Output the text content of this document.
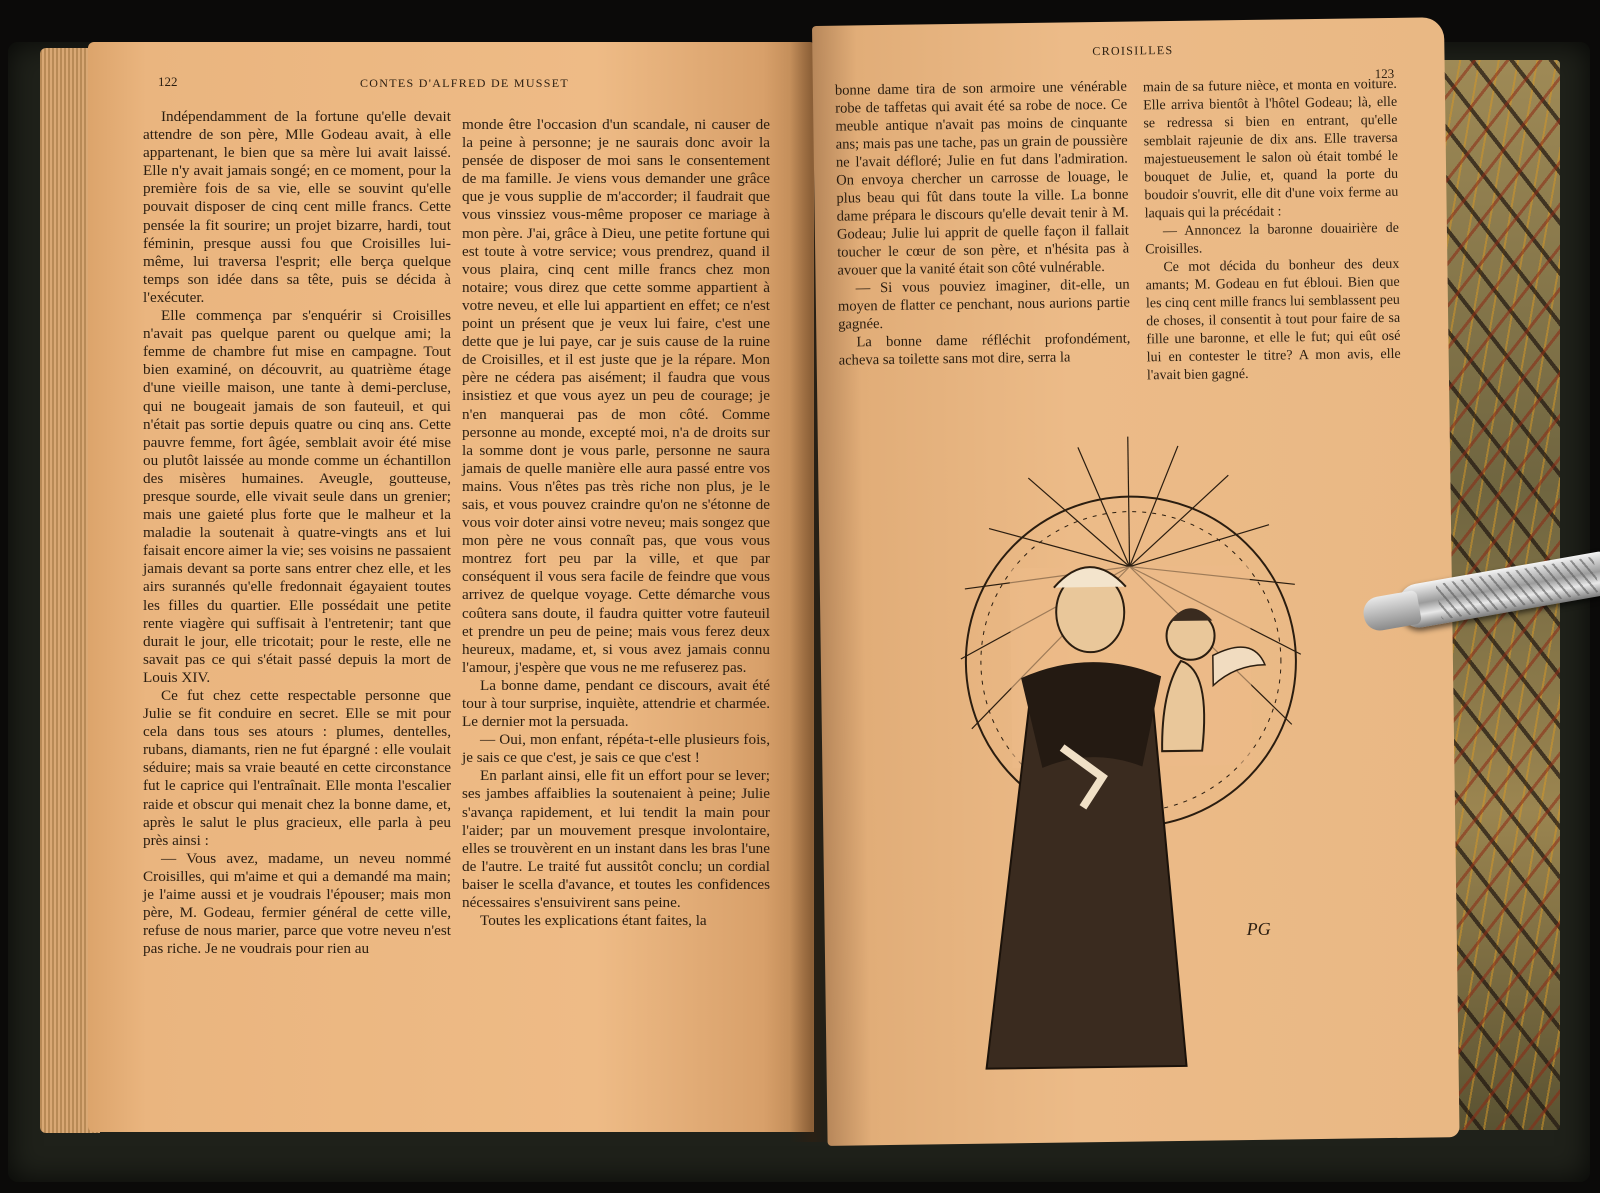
122	CONTES D'ALFRED DE MUSSET

Indépendamment de la fortune qu'elle devait attendre de son père, Mlle Godeau avait, à elle appartenant, le bien que sa mère lui avait laissé. Elle n'y avait jamais songé; en ce moment, pour la première fois de sa vie, elle se souvint qu'elle pouvait disposer de cinq cent mille francs. Cette pensée la fit sourire; un projet bizarre, hardi, tout féminin, presque aussi fou que Croisilles lui-même, lui traversa l'esprit; elle berça quelque temps son idée dans sa tête, puis se décida à l'exécuter.

Elle commença par s'enquérir si Croisilles n'avait pas quelque parent ou quelque ami; la femme de chambre fut mise en campagne. Tout bien examiné, on découvrit, au quatrième étage d'une vieille maison, une tante à demi-percluse, qui ne bougeait jamais de son fauteuil, et qui n'était pas sortie depuis quatre ou cinq ans. Cette pauvre femme, fort âgée, semblait avoir été mise ou plutôt laissée au monde comme un échantillon des misères humaines. Aveugle, goutteuse, presque sourde, elle vivait seule dans un grenier; mais une gaieté plus forte que le malheur et la maladie la soutenait à quatre-vingts ans et lui faisait encore aimer la vie; ses voisins ne passaient jamais devant sa porte sans entrer chez elle, et les airs surannés qu'elle fredonnait égayaient toutes les filles du quartier. Elle possédait une petite rente viagère qui suffisait à l'entretenir; tant que durait le jour, elle tricotait; pour le reste, elle ne savait pas ce qui s'était passé depuis la mort de Louis XIV.

Ce fut chez cette respectable personne que Julie se fit conduire en secret. Elle se mit pour cela dans tous ses atours : plumes, dentelles, rubans, diamants, rien ne fut épargné : elle voulait séduire; mais sa vraie beauté en cette circonstance fut le caprice qui l'entraînait. Elle monta l'escalier raide et obscur qui menait chez la bonne dame, et, après le salut le plus gracieux, elle parla à peu près ainsi :

— Vous avez, madame, un neveu nommé Croisilles, qui m'aime et qui a demandé ma main; je l'aime aussi et je voudrais l'épouser; mais mon père, M. Godeau, fermier général de cette ville, refuse de nous marier, parce que votre neveu n'est pas riche. Je ne voudrais pour rien au

monde être l'occasion d'un scandale, ni causer de la peine à personne; je ne saurais donc avoir la pensée de disposer de moi sans le consentement de ma famille. Je viens vous demander une grâce que je vous supplie de m'accorder; il faudrait que vous vinssiez vous-même proposer ce mariage à mon père. J'ai, grâce à Dieu, une petite fortune qui est toute à votre service; vous prendrez, quand il vous plaira, cinq cent mille francs chez mon notaire; vous direz que cette somme appartient à votre neveu, et elle lui appartient en effet; ce n'est point un présent que je veux lui faire, c'est une dette que je lui paye, car je suis cause de la ruine de Croisilles, et il est juste que je la répare. Mon père ne cédera pas aisément; il faudra que vous insistiez et que vous ayez un peu de courage; je n'en manquerai pas de mon côté. Comme personne au monde, excepté moi, n'a de droits sur la somme dont je vous parle, personne ne saura jamais de quelle manière elle aura passé entre vos mains. Vous n'êtes pas très riche non plus, je le sais, et vous pouvez craindre qu'on ne s'étonne de vous voir doter ainsi votre neveu; mais songez que mon père ne vous connaît pas, que vous vous montrez fort peu par la ville, et que par conséquent il vous sera facile de feindre que vous arrivez de quelque voyage. Cette démarche vous coûtera sans doute, il faudra quitter votre fauteuil et prendre un peu de peine; mais vous ferez deux heureux, madame, et, si vous avez jamais connu l'amour, j'espère que vous ne me refuserez pas.

La bonne dame, pendant ce discours, avait été tour à tour surprise, inquiète, attendrie et charmée. Le dernier mot la persuada.

— Oui, mon enfant, répéta-t-elle plusieurs fois, je sais ce que c'est, je sais ce que c'est !

En parlant ainsi, elle fit un effort pour se lever; ses jambes affaiblies la soutenaient à peine; Julie s'avança rapidement, et lui tendit la main pour l'aider; par un mouvement presque involontaire, elles se trouvèrent en un instant dans les bras l'une de l'autre. Le traité fut aussitôt conclu; un cordial baiser le scella d'avance, et toutes les confidences nécessaires s'ensuivirent sans peine.

Toutes les explications étant faites, la

CROISILLES
123

bonne dame tira de son armoire une vénérable robe de taffetas qui avait été sa robe de noce. Ce meuble antique n'avait pas moins de cinquante ans; mais pas une tache, pas un grain de poussière ne l'avait défloré; Julie en fut dans l'admiration. On envoya chercher un carrosse de louage, le plus beau qui fût dans toute la ville. La bonne dame prépara le discours qu'elle devait tenir à M. Godeau; Julie lui apprit de quelle façon il fallait toucher le cœur de son père, et n'hésita pas à avouer que la vanité était son côté vulnérable.

— Si vous pouviez imaginer, dit-elle, un moyen de flatter ce penchant, nous aurions partie gagnée.

La bonne dame réfléchit profondément, acheva sa toilette sans mot dire, serra la

main de sa future nièce, et monta en voiture. Elle arriva bientôt à l'hôtel Godeau; là, elle se redressa si bien en entrant, qu'elle semblait rajeunie de dix ans. Elle traversa majestueusement le salon où était tombé le bouquet de Julie, et, quand la porte du boudoir s'ouvrit, elle dit d'une voix ferme au laquais qui la précédait :

— Annoncez la baronne douairière de Croisilles.

Ce mot décida du bonheur des deux amants; M. Godeau en fut ébloui. Bien que les cinq cent mille francs lui semblassent peu de choses, il consentit à tout pour faire de sa fille une baronne, et elle le fut; qui eût osé lui en contester le titre? A mon avis, elle l'avait bien gagné.

PG
